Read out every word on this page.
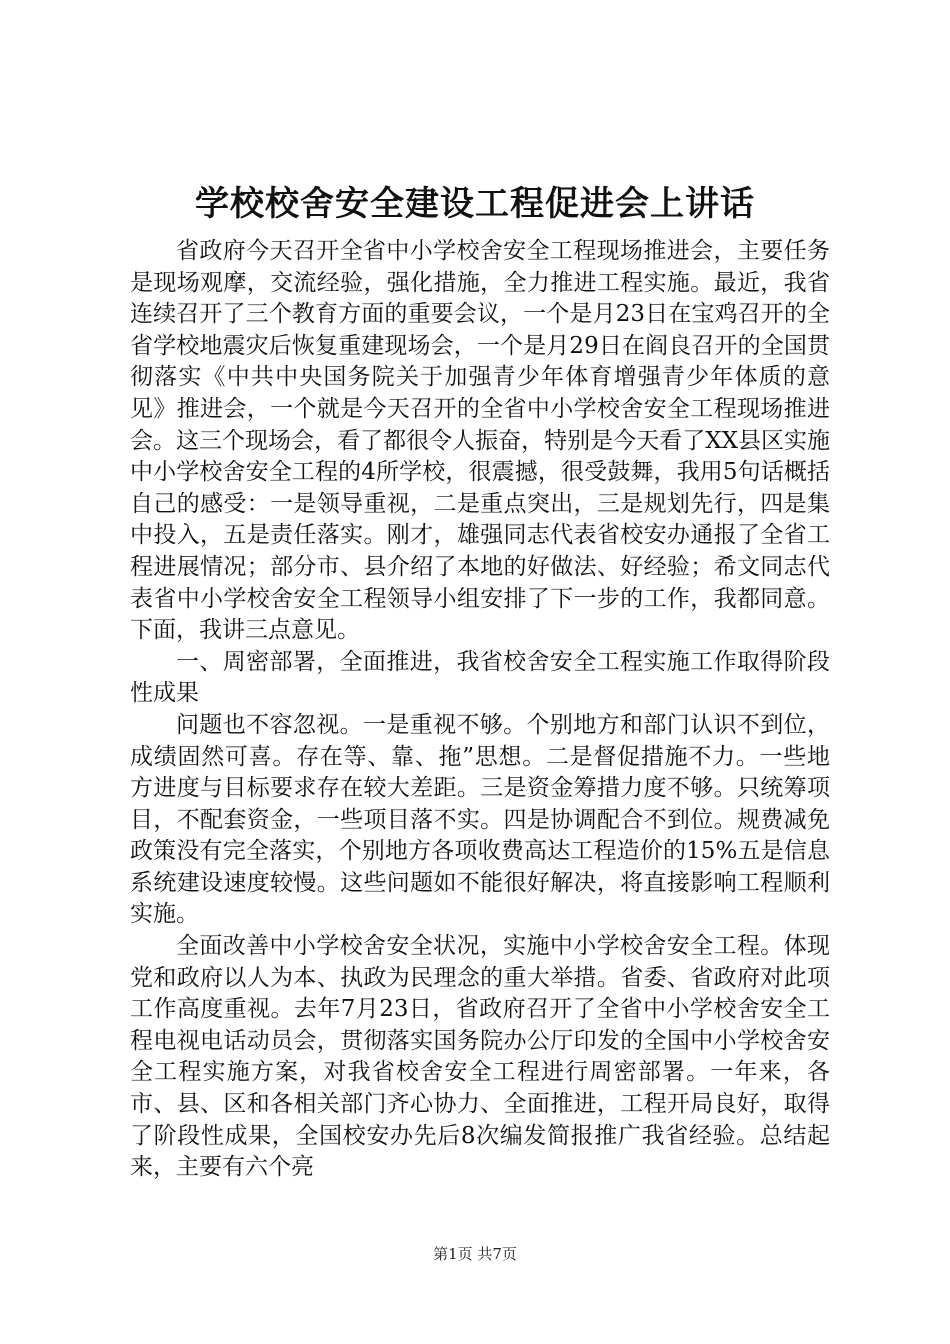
学校校舍安全建设工程促进会上讲话

省政府今天召开全省中小学校舍安全工程现场推进会，主要任务是现场观摩，交流经验，强化措施，全力推进工程实施。最近，我省连续召开了三个教育方面的重要会议，一个是月23日在宝鸡召开的全省学校地震灾后恢复重建现场会，一个是月29日在阎良召开的全国贯彻落实《中共中央国务院关于加强青少年体育增强青少年体质的意见》推进会，一个就是今天召开的全省中小学校舍安全工程现场推进会。这三个现场会，看了都很令人振奋，特别是今天看了XX县区实施中小学校舍安全工程的4所学校，很震撼，很受鼓舞，我用5句话概括自己的感受：一是领导重视，二是重点突出，三是规划先行，四是集中投入，五是责任落实。刚才，雄强同志代表省校安办通报了全省工程进展情况；部分市、县介绍了本地的好做法、好经验；希文同志代表省中小学校舍安全工程领导小组安排了下一步的工作，我都同意。下面，我讲三点意见。

一、周密部署，全面推进，我省校舍安全工程实施工作取得阶段性成果

问题也不容忽视。一是重视不够。个别地方和部门认识不到位，成绩固然可喜。存在等、靠、拖”思想。二是督促措施不力。一些地方进度与目标要求存在较大差距。三是资金筹措力度不够。只统筹项目，不配套资金，一些项目落不实。四是协调配合不到位。规费减免政策没有完全落实，个别地方各项收费高达工程造价的15%五是信息系统建设速度较慢。这些问题如不能很好解决，将直接影响工程顺利实施。

全面改善中小学校舍安全状况，实施中小学校舍安全工程。体现党和政府以人为本、执政为民理念的重大举措。省委、省政府对此项工作高度重视。去年7月23日，省政府召开了全省中小学校舍安全工程电视电话动员会，贯彻落实国务院办公厅印发的全国中小学校舍安全工程实施方案，对我省校舍安全工程进行周密部署。一年来，各市、县、区和各相关部门齐心协力、全面推进，工程开局良好，取得了阶段性成果，全国校安办先后8次编发简报推广我省经验。总结起来，主要有六个亮

第1页 共7页
